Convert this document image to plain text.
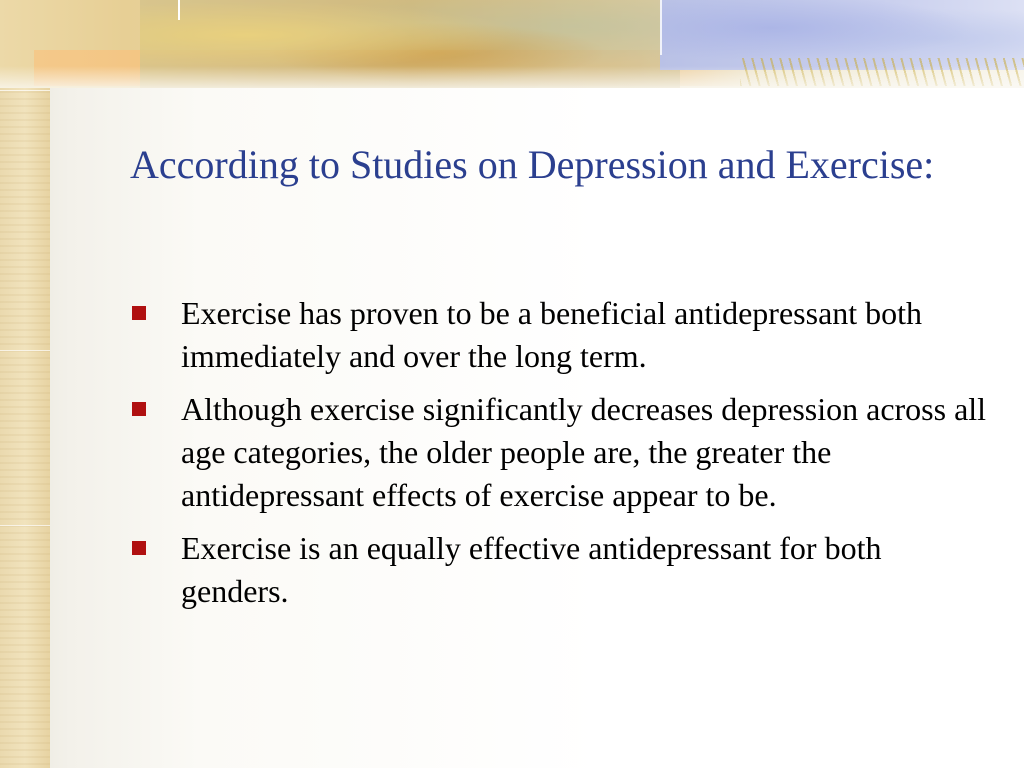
According to Studies on Depression and Exercise:
Exercise has proven to be a beneficial antidepressant both immediately and over the long term.
Although exercise significantly decreases depression across all age categories, the older people are, the greater the antidepressant effects of exercise appear to be.
Exercise is an equally effective antidepressant for both genders.
